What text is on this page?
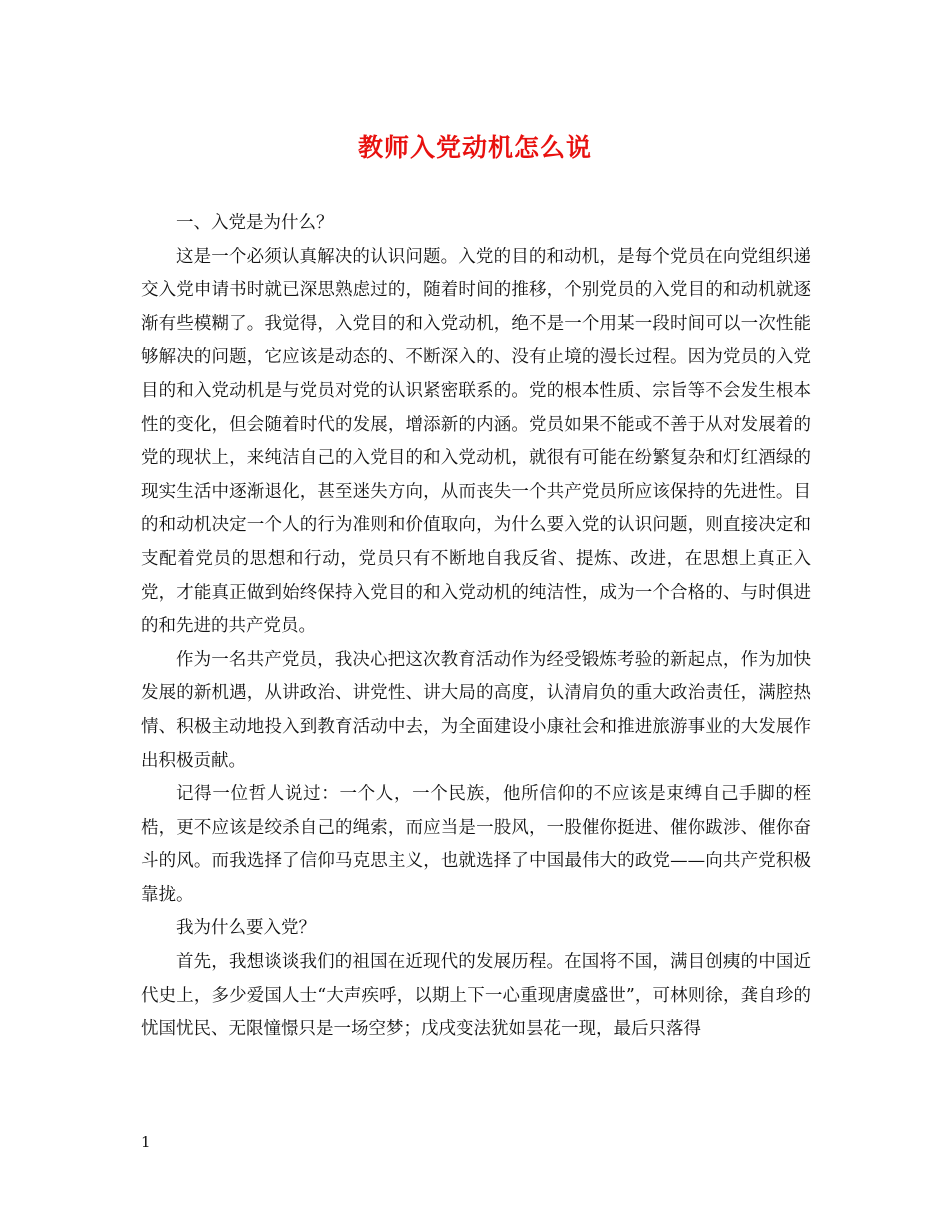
教师入党动机怎么说

一、入党是为什么？

这是一个必须认真解决的认识问题。入党的目的和动机，是每个党员在向党组织递交入党申请书时就已深思熟虑过的，随着时间的推移，个别党员的入党目的和动机就逐渐有些模糊了。我觉得，入党目的和入党动机，绝不是一个用某一段时间可以一次性能够解决的问题，它应该是动态的、不断深入的、没有止境的漫长过程。因为党员的入党目的和入党动机是与党员对党的认识紧密联系的。党的根本性质、宗旨等不会发生根本性的变化，但会随着时代的发展，增添新的内涵。党员如果不能或不善于从对发展着的党的现状上，来纯洁自己的入党目的和入党动机，就很有可能在纷繁复杂和灯红酒绿的现实生活中逐渐退化，甚至迷失方向，从而丧失一个共产党员所应该保持的先进性。目的和动机决定一个人的行为准则和价值取向，为什么要入党的认识问题，则直接决定和支配着党员的思想和行动，党员只有不断地自我反省、提炼、改进，在思想上真正入党，才能真正做到始终保持入党目的和入党动机的纯洁性，成为一个合格的、与时俱进的和先进的共产党员。

作为一名共产党员，我决心把这次教育活动作为经受锻炼考验的新起点，作为加快发展的新机遇，从讲政治、讲党性、讲大局的高度，认清肩负的重大政治责任，满腔热情、积极主动地投入到教育活动中去，为全面建设小康社会和推进旅游事业的大发展作出积极贡献。

记得一位哲人说过：一个人，一个民族，他所信仰的不应该是束缚自己手脚的桎梏，更不应该是绞杀自己的绳索，而应当是一股风，一股催你挺进、催你跋涉、催你奋斗的风。而我选择了信仰马克思主义，也就选择了中国最伟大的政党——向共产党积极靠拢。

我为什么要入党？

首先，我想谈谈我们的祖国在近现代的发展历程。在国将不国，满目创痍的中国近代史上，多少爱国人士“大声疾呼，以期上下一心重现唐虞盛世”，可林则徐，龚自珍的忧国忧民、无限憧憬只是一场空梦；戊戌变法犹如昙花一现，最后只落得

1
